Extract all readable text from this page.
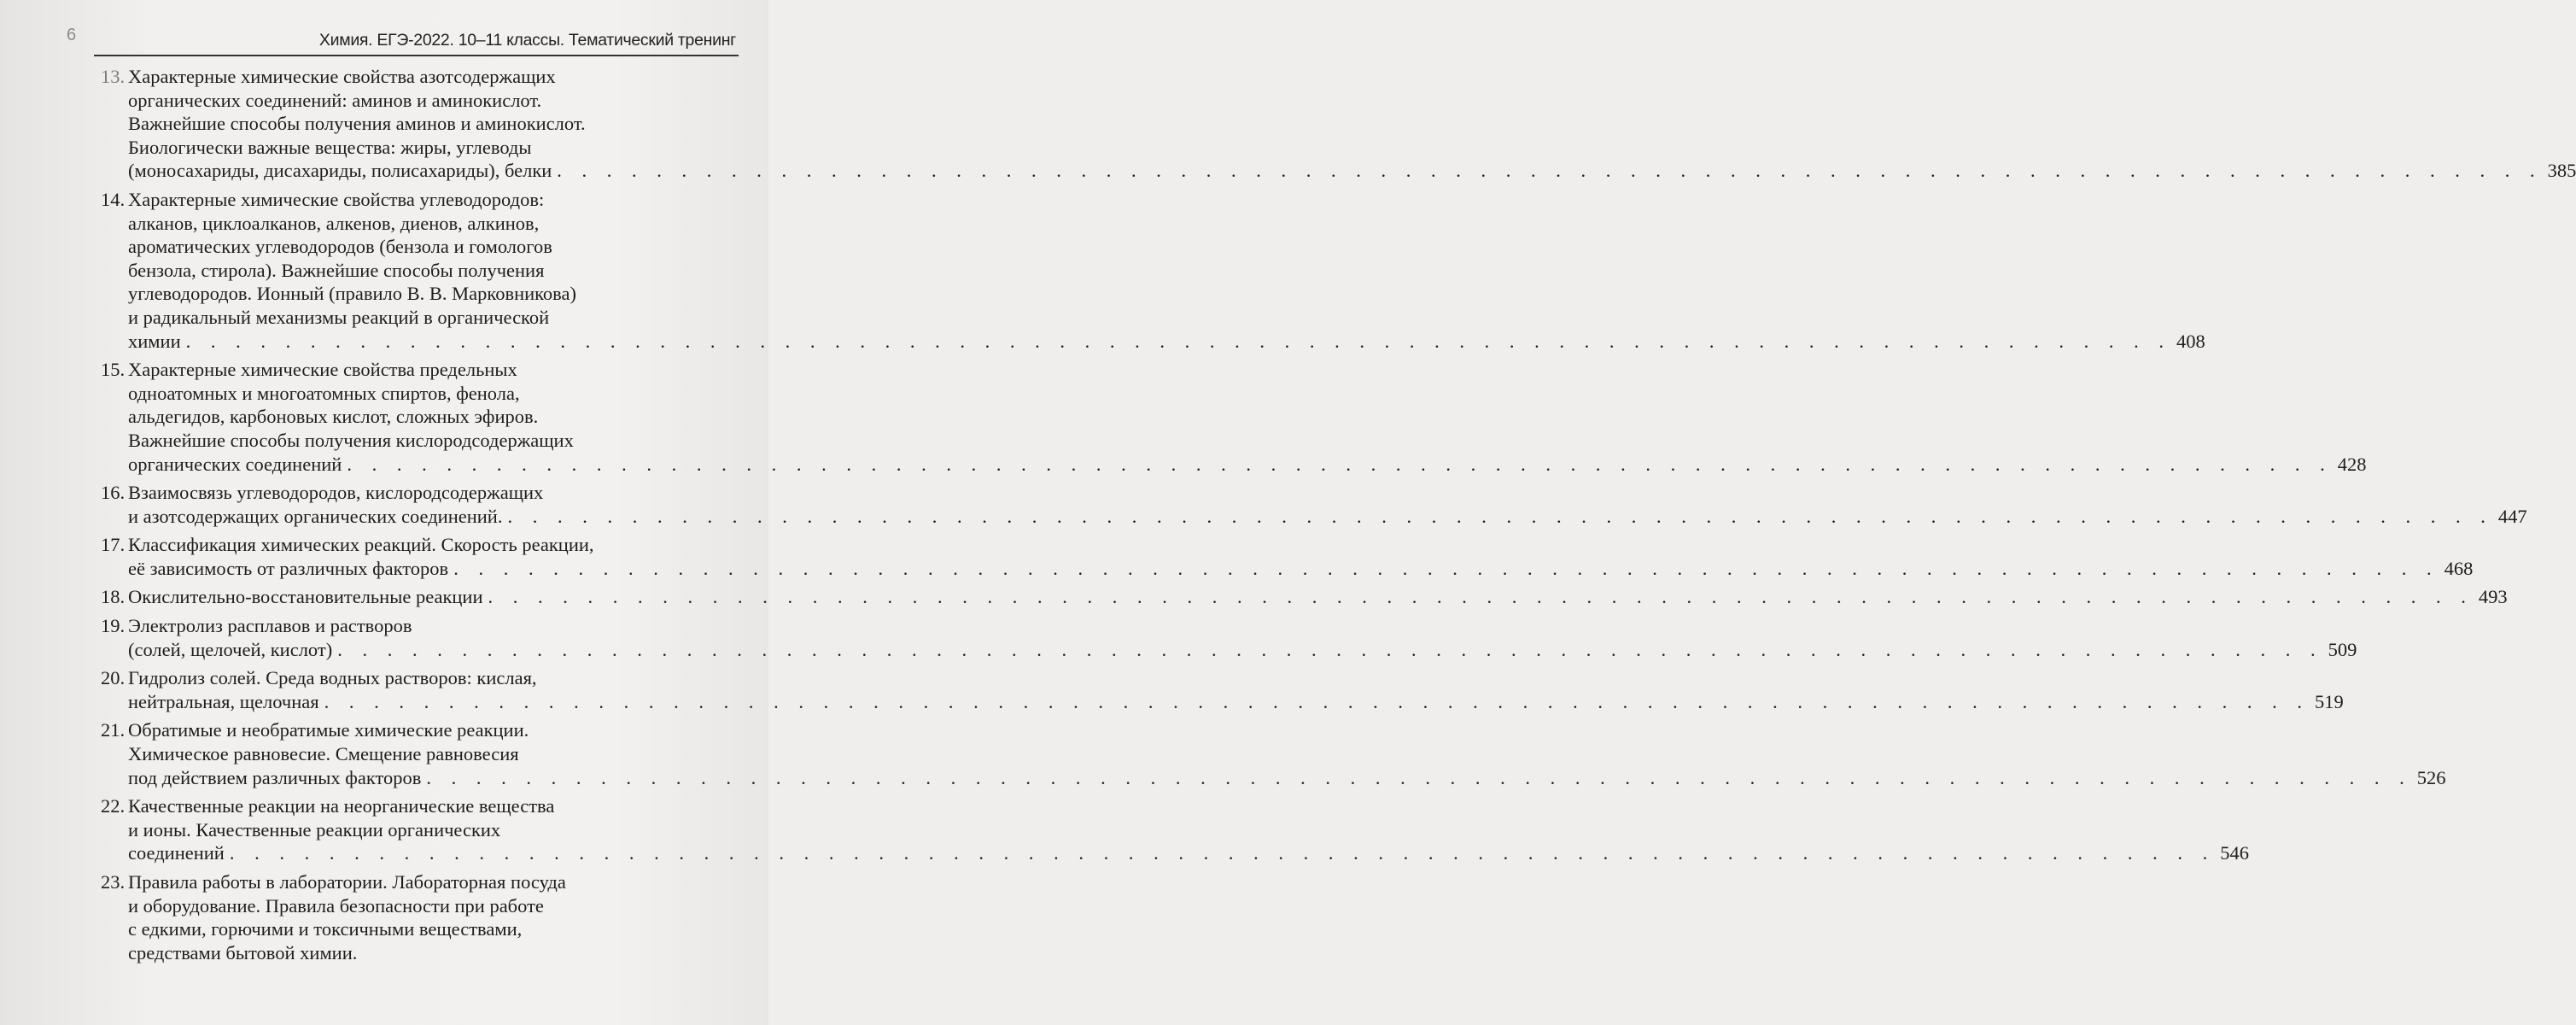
6	Химия. ЕГЭ-2022. 10–11 классы. Тематический тренинг
13. Характерные химические свойства азотсодержащих
органических соединений: аминов и аминокислот.
Важнейшие способы получения аминов и аминокислот.
Биологически важные вещества: жиры, углеводы
(моносахариды, дисахариды, полисахариды), белки . . .	385
14. Характерные химические свойства углеводородов:
алканов, циклоалканов, алкенов, диенов, алкинов,
ароматических углеводородов (бензола и гомологов
бензола, стирола). Важнейшие способы получения
углеводородов. Ионный (правило В. В. Марковникова)
и радикальный механизмы реакций в органической
химии . . .	408
15. Характерные химические свойства предельных
одноатомных и многоатомных спиртов, фенола,
альдегидов, карбоновых кислот, сложных эфиров.
Важнейшие способы получения кислородсодержащих
органических соединений . . .	428
16. Взаимосвязь углеводородов, кислородсодержащих
и азотсодержащих органических соединений. . . .	447
17. Классификация химических реакций. Скорость реакции,
её зависимость от различных факторов . . .	468
18. Окислительно-восстановительные реакции . . .	493
19. Электролиз расплавов и растворов
(солей, щелочей, кислот) . . .	509
20. Гидролиз солей. Среда водных растворов: кислая,
нейтральная, щелочная . . .	519
21. Обратимые и необратимые химические реакции.
Химическое равновесие. Смещение равновесия
под действием различных факторов . . .	526
22. Качественные реакции на неорганические вещества
и ионы. Качественные реакции органических
соединений . . .	546
23. Правила работы в лаборатории. Лабораторная посуда
и оборудование. Правила безопасности при работе
с едкими, горючими и токсичными веществами,
средствами бытовой химии.
